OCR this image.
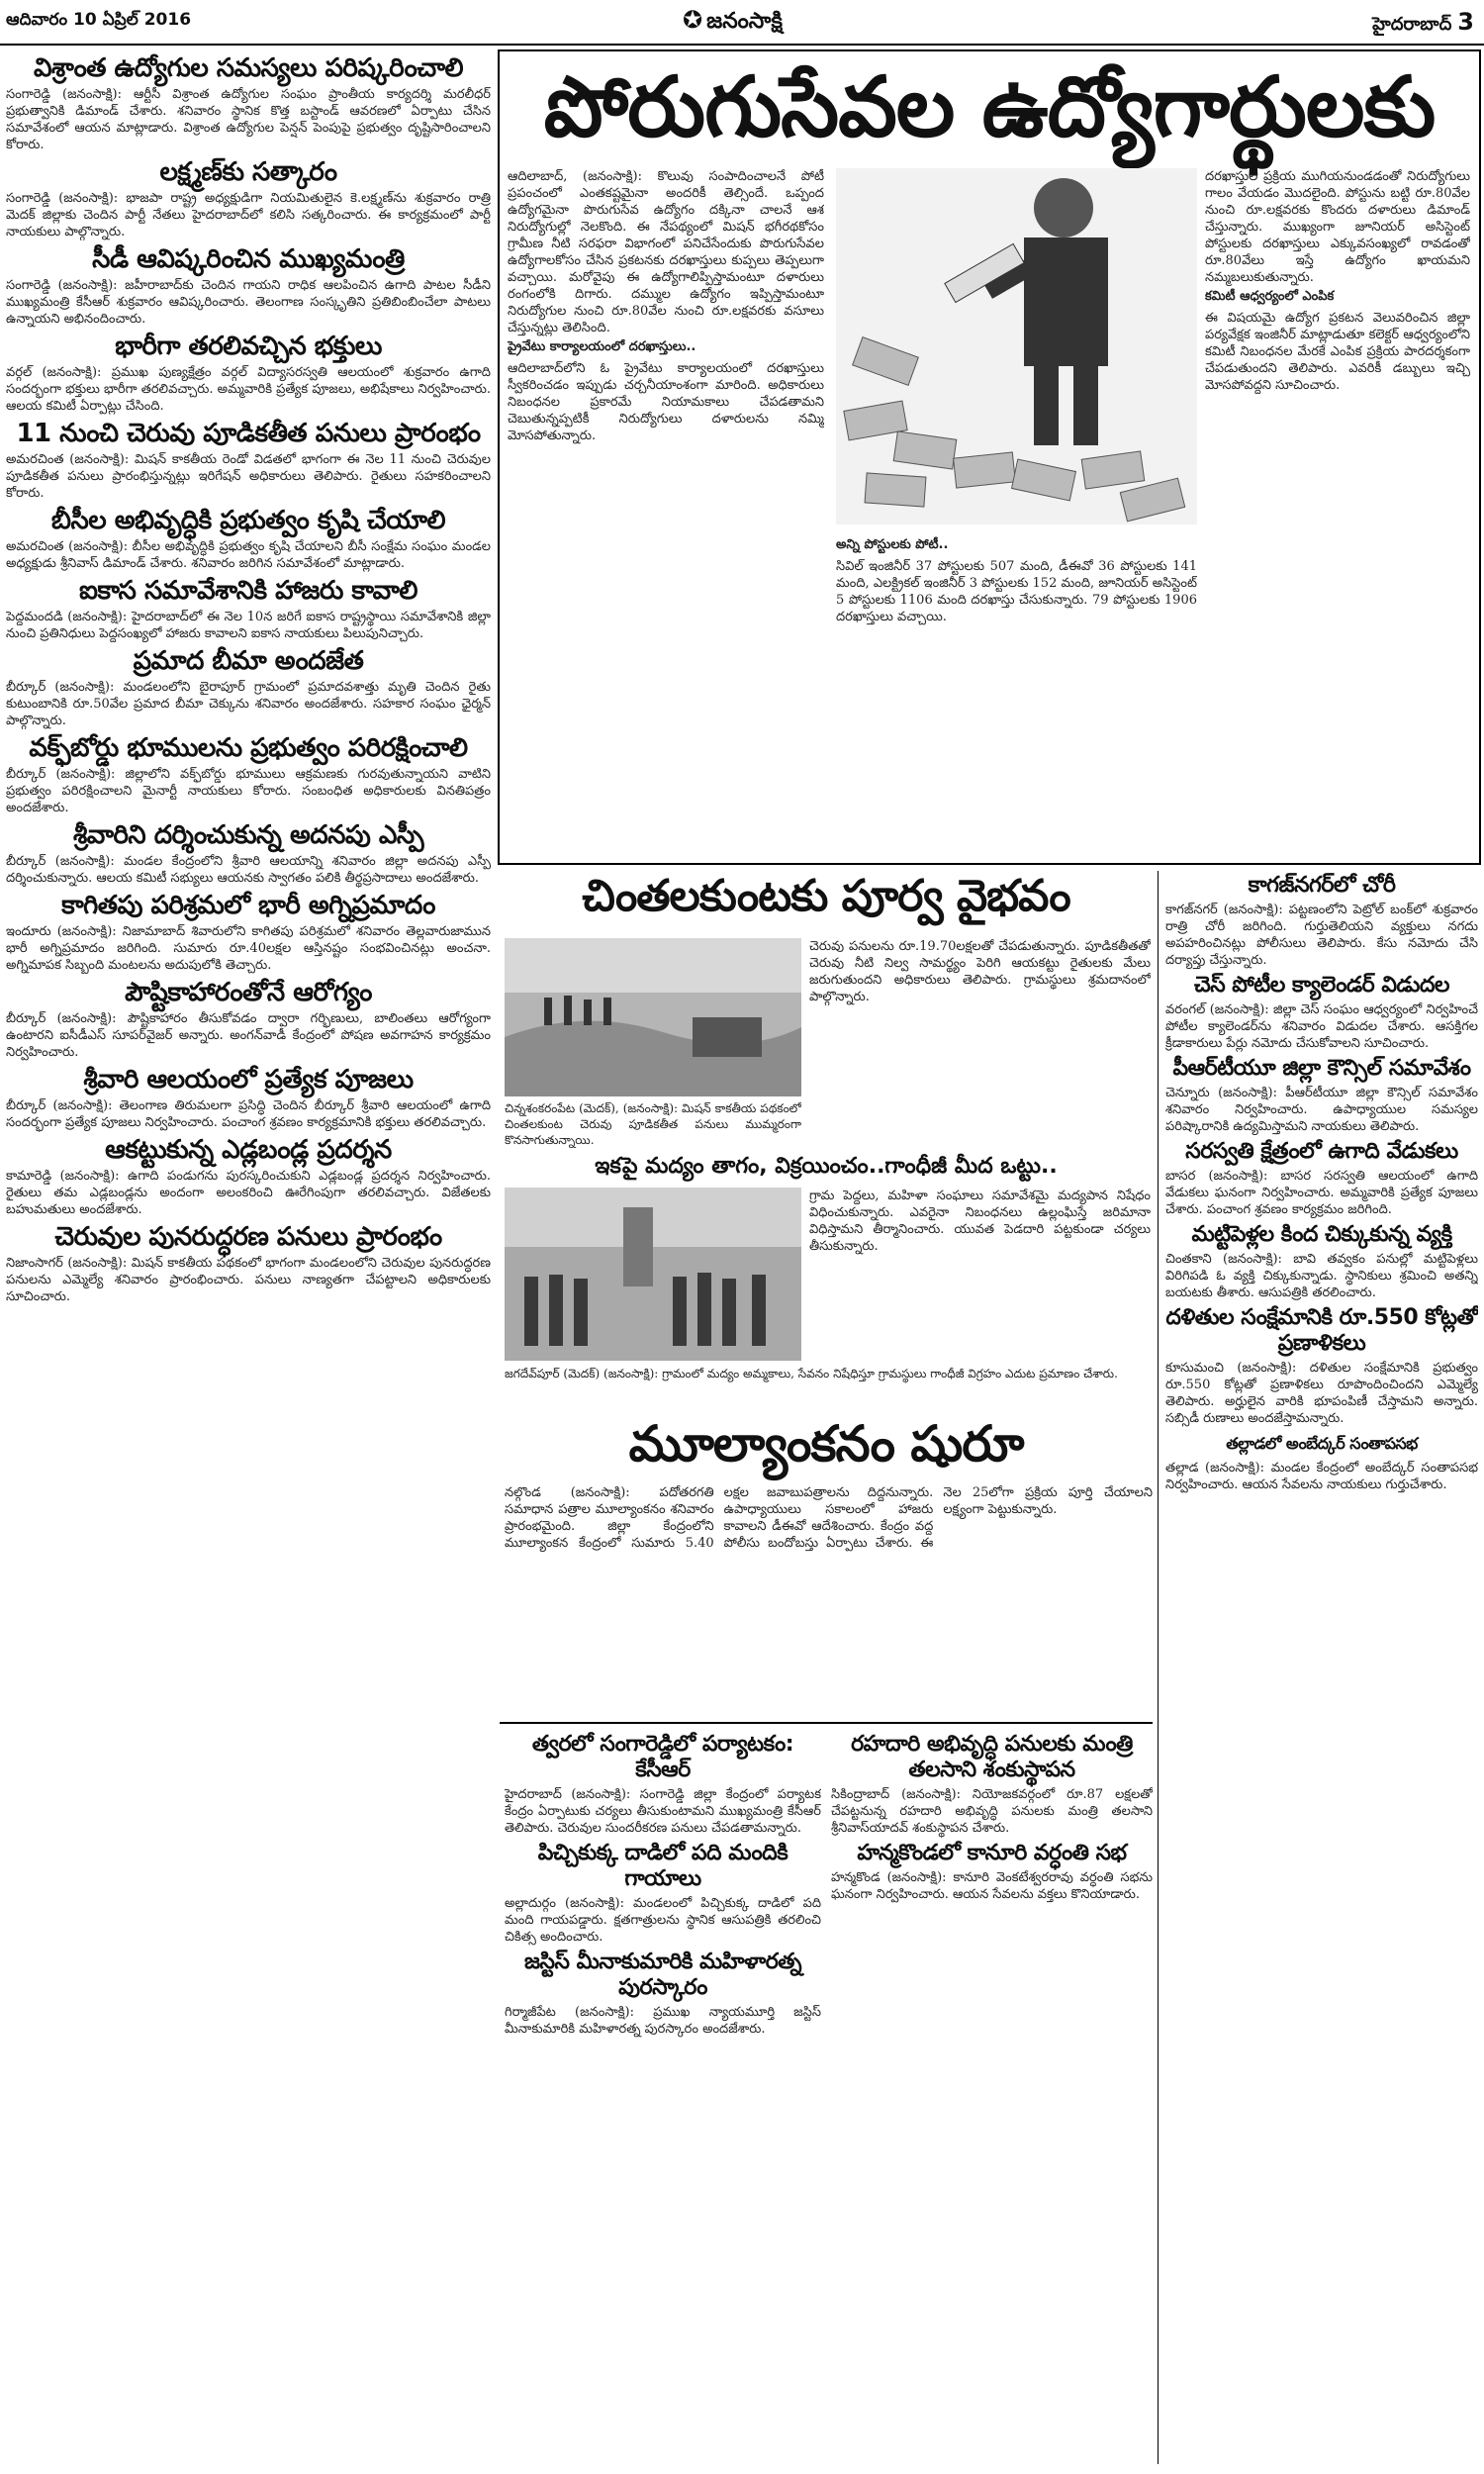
ఆదివారం 10 ఏప్రిల్ 2016	✪ జనంసాక్షి	హైదరాబాద్ 3
విశ్రాంత ఉద్యోగుల సమస్యలు పరిష్కరించాలి

సంగారెడ్డి (జనంసాక్షి): ఆర్టీసీ విశ్రాంత ఉద్యోగుల సంఘం ప్రాంతీయ కార్యదర్శి మరలీధర్‌ ప్రభుత్వానికి డిమాండ్‌ చేశారు. శనివారం స్థానిక కొత్త బస్టాండ్‌ ఆవరణలో ఏర్పాటు చేసిన సమావేశంలో ఆయన మాట్లాడారు. విశ్రాంత ఉద్యోగుల పెన్షన్‌ పెంపుపై ప్రభుత్వం దృష్టిసారించాలని కోరారు.

లక్ష్మణ్‌కు సత్కారం

సంగారెడ్డి (జనంసాక్షి): భాజపా రాష్ట్ర అధ్యక్షుడిగా నియమితులైన కె.లక్ష్మణ్‌ను శుక్రవారం రాత్రి మెదక్‌ జిల్లాకు చెందిన పార్టీ నేతలు హైదరాబాద్‌లో కలిసి సత్కరించారు. ఈ కార్యక్రమంలో పార్టీ నాయకులు పాల్గొన్నారు.

సీడీ ఆవిష్కరించిన ముఖ్యమంత్రి

సంగారెడ్డి (జనంసాక్షి): జహీరాబాద్‌కు చెందిన గాయని రాధిక ఆలపించిన ఉగాది పాటల సీడీని ముఖ్యమంత్రి కేసీఆర్‌ శుక్రవారం ఆవిష్కరించారు. తెలంగాణ సంస్కృతిని ప్రతిబింబించేలా పాటలు ఉన్నాయని అభినందించారు.

భారీగా తరలివచ్చిన భక్తులు

వర్గల్‌ (జనంసాక్షి): ప్రముఖ పుణ్యక్షేత్రం వర్గల్‌ విద్యాసరస్వతి ఆలయంలో శుక్రవారం ఉగాది సందర్భంగా భక్తులు భారీగా తరలివచ్చారు. అమ్మవారికి ప్రత్యేక పూజలు, అభిషేకాలు నిర్వహించారు. ఆలయ కమిటీ ఏర్పాట్లు చేసింది.

11 నుంచి చెరువు పూడికతీత పనులు ప్రారంభం

అమరచింత (జనంసాక్షి): మిషన్‌ కాకతీయ రెండో విడతలో భాగంగా ఈ నెల 11 నుంచి చెరువుల పూడికతీత పనులు ప్రారంభిస్తున్నట్లు ఇరిగేషన్‌ అధికారులు తెలిపారు. రైతులు సహకరించాలని కోరారు.

బీసీల అభివృద్ధికి ప్రభుత్వం కృషి చేయాలి

అమరచింత (జనంసాక్షి): బీసీల అభివృద్ధికి ప్రభుత్వం కృషి చేయాలని బీసీ సంక్షేమ సంఘం మండల అధ్యక్షుడు శ్రీనివాస్‌ డిమాండ్‌ చేశారు. శనివారం జరిగిన సమావేశంలో మాట్లాడారు.

ఐకాస సమావేశానికి హాజరు కావాలి

పెద్దమందడి (జనంసాక్షి): హైదరాబాద్‌లో ఈ నెల 10న జరిగే ఐకాస రాష్ట్రస్థాయి సమావేశానికి జిల్లా నుంచి ప్రతినిధులు పెద్దసంఖ్యలో హాజరు కావాలని ఐకాస నాయకులు పిలుపునిచ్చారు.

ప్రమాద బీమా అందజేత

బీర్కూర్‌ (జనంసాక్షి): మండలంలోని బైరాపూర్‌ గ్రామంలో ప్రమాదవశాత్తు మృతి చెందిన రైతు కుటుంబానికి రూ.50వేల ప్రమాద బీమా చెక్కును శనివారం అందజేశారు. సహకార సంఘం ఛైర్మన్‌ పాల్గొన్నారు.

వక్ఫ్‌బోర్డు భూములను ప్రభుత్వం పరిరక్షించాలి

బీర్కూర్‌ (జనంసాక్షి): జిల్లాలోని వక్ఫ్‌బోర్డు భూములు ఆక్రమణకు గురవుతున్నాయని వాటిని ప్రభుత్వం పరిరక్షించాలని మైనార్టీ నాయకులు కోరారు. సంబంధిత అధికారులకు వినతిపత్రం అందజేశారు.

శ్రీవారిని దర్శించుకున్న అదనపు ఎస్పీ

బీర్కూర్‌ (జనంసాక్షి): మండల కేంద్రంలోని శ్రీవారి ఆలయాన్ని శనివారం జిల్లా అదనపు ఎస్పీ దర్శించుకున్నారు. ఆలయ కమిటీ సభ్యులు ఆయనకు స్వాగతం పలికి తీర్థప్రసాదాలు అందజేశారు.

కాగితపు పరిశ్రమలో భారీ అగ్నిప్రమాదం

ఇందూరు (జనంసాక్షి): నిజామాబాద్‌ శివారులోని కాగితపు పరిశ్రమలో శనివారం తెల్లవారుజామున భారీ అగ్నిప్రమాదం జరిగింది. సుమారు రూ.40లక్షల ఆస్తినష్టం సంభవించినట్లు అంచనా. అగ్నిమాపక సిబ్బంది మంటలను అదుపులోకి తెచ్చారు.

పౌష్టికాహారంతోనే ఆరోగ్యం

బీర్కూర్‌ (జనంసాక్షి): పౌష్టికాహారం తీసుకోవడం ద్వారా గర్భిణులు, బాలింతలు ఆరోగ్యంగా ఉంటారని ఐసీడీఎస్‌ సూపర్‌వైజర్‌ అన్నారు. అంగన్‌వాడీ కేంద్రంలో పోషణ అవగాహన కార్యక్రమం నిర్వహించారు.

శ్రీవారి ఆలయంలో ప్రత్యేక పూజలు

బీర్కూర్‌ (జనంసాక్షి): తెలంగాణ తిరుమలగా ప్రసిద్ధి చెందిన బీర్కూర్‌ శ్రీవారి ఆలయంలో ఉగాది సందర్భంగా ప్రత్యేక పూజలు నిర్వహించారు. పంచాంగ శ్రవణం కార్యక్రమానికి భక్తులు తరలివచ్చారు.

ఆకట్టుకున్న ఎడ్లబండ్ల ప్రదర్శన

కామారెడ్డి (జనంసాక్షి): ఉగాది పండుగను పురస్కరించుకుని ఎడ్లబండ్ల ప్రదర్శన నిర్వహించారు. రైతులు తమ ఎడ్లబండ్లను అందంగా అలంకరించి ఊరేగింపుగా తరలివచ్చారు. విజేతలకు బహుమతులు అందజేశారు.

చెరువుల పునరుద్ధరణ పనులు ప్రారంభం

నిజాంసాగర్‌ (జనంసాక్షి): మిషన్‌ కాకతీయ పథకంలో భాగంగా మండలంలోని చెరువుల పునరుద్ధరణ పనులను ఎమ్మెల్యే శనివారం ప్రారంభించారు. పనులు నాణ్యతగా చేపట్టాలని అధికారులకు సూచించారు.

పోరుగుసేవల ఉద్యోగార్థులకు
ఆదిలాబాద్‌, (జనంసాక్షి): కొలువు సంపాదించాలనే పోటీ ప్రపంచంలో ఎంతకష్టమైనా అందరికీ తెల్సిందే. ఒప్పంద ఉద్యోగమైనా పొరుగుసేవ ఉద్యోగం దక్కినా చాలనే ఆశ నిరుద్యోగుల్లో నెలకొంది. ఈ నేపథ్యంలో మిషన్‌ భగీరథకోసం గ్రామీణ నీటి సరఫరా విభాగంలో పనిచేసేందుకు పొరుగుసేవల ఉద్యోగాలకోసం చేసిన ప్రకటనకు దరఖాస్తులు కుప్పలు తెప్పలుగా వచ్చాయి. మరోవైపు ఈ ఉద్యోగాలిప్పిస్తామంటూ దళారులు రంగంలోకి దిగారు. దమ్ముల ఉద్యోగం ఇప్పిస్తామంటూ నిరుద్యోగుల నుంచి రూ.80వేల నుంచి రూ.లక్షవరకు వసూలు చేస్తున్నట్లు తెలిసింది.
ప్రైవేటు కార్యాలయంలో దరఖాస్తులు..
ఆదిలాబాద్‌లోని ఓ ప్రైవేటు కార్యాలయంలో దరఖాస్తులు స్వీకరించడం ఇప్పుడు చర్చనీయాంశంగా మారింది. అధికారులు నిబంధనల ప్రకారమే నియామకాలు చేపడతామని చెబుతున్నప్పటికీ నిరుద్యోగులు దళారులను నమ్మి మోసపోతున్నారు.
దరఖాస్తుల ప్రక్రియ ముగియనుండడంతో నిరుద్యోగులు గాలం వేయడం మొదలైంది. పోస్టును బట్టి రూ.80వేల నుంచి రూ.లక్షవరకు కొందరు దళారులు డిమాండ్‌ చేస్తున్నారు. ముఖ్యంగా జూనియర్‌ అసిస్టెంట్‌ పోస్టులకు దరఖాస్తులు ఎక్కువసంఖ్యలో రావడంతో రూ.80వేలు ఇస్తే ఉద్యోగం ఖాయమని నమ్మబలుకుతున్నారు.
కమిటీ ఆధ్వర్యంలో ఎంపిక
ఈ విషయమై ఉద్యోగ ప్రకటన వెలువరించిన జిల్లా పర్యవేక్షక ఇంజినీర్‌ మాట్లాడుతూ కలెక్టర్‌ ఆధ్వర్యంలోని కమిటీ నిబంధనల మేరకే ఎంపిక ప్రక్రియ పారదర్శకంగా చేపడుతుందని తెలిపారు. ఎవరికీ డబ్బులు ఇచ్చి మోసపోవద్దని సూచించారు.
అన్ని పోస్టులకు పోటీ..
సివిల్‌ ఇంజినీర్‌ 37 పోస్టులకు 507 మంది, డీఈవో 36 పోస్టులకు 141 మంది, ఎలక్ట్రికల్‌ ఇంజినీర్‌ 3 పోస్టులకు 152 మంది, జూనియర్‌ అసిస్టెంట్‌ 5 పోస్టులకు 1106 మంది దరఖాస్తు చేసుకున్నారు. 79 పోస్టులకు 1906 దరఖాస్తులు వచ్చాయి.
చింతలకుంటకు పూర్వ వైభవం
చిన్నశంకరంపేట (మెదక్‌), (జనంసాక్షి): మిషన్‌ కాకతీయ పథకంలో చింతలకుంట చెరువు పూడికతీత పనులు ముమ్మరంగా కొనసాగుతున్నాయి.
చెరువు పనులను రూ.19.70లక్షలతో చేపడుతున్నారు. పూడికతీతతో చెరువు నీటి నిల్వ సామర్థ్యం పెరిగి ఆయకట్టు రైతులకు మేలు జరుగుతుందని అధికారులు తెలిపారు. గ్రామస్థులు శ్రమదానంలో పాల్గొన్నారు.
ఇకపై మద్యం తాగం, విక్రయించం..గాంధీజీ మీద ఒట్టు..
గ్రామ పెద్దలు, మహిళా సంఘాలు సమావేశమై మద్యపాన నిషేధం విధించుకున్నారు. ఎవరైనా నిబంధనలు ఉల్లంఘిస్తే జరిమానా విధిస్తామని తీర్మానించారు. యువత పెడదారి పట్టకుండా చర్యలు తీసుకున్నారు.
జగదేవ్‌పూర్‌ (మెదక్‌) (జనంసాక్షి): గ్రామంలో మద్యం అమ్మకాలు, సేవనం నిషేధిస్తూ గ్రామస్థులు గాంధీజీ విగ్రహం ఎదుట ప్రమాణం చేశారు.
మూల్యాంకనం షురూ
నల్గొండ (జనంసాక్షి): పదోతరగతి సమాధాన పత్రాల మూల్యాంకనం శనివారం ప్రారంభమైంది. జిల్లా కేంద్రంలోని మూల్యాంకన కేంద్రంలో సుమారు 5.40 లక్షల జవాబుపత్రాలను దిద్దనున్నారు. ఉపాధ్యాయులు సకాలంలో హాజరు కావాలని డీఈవో ఆదేశించారు. కేంద్రం వద్ద పోలీసు బందోబస్తు ఏర్పాటు చేశారు. ఈ నెల 25లోగా ప్రక్రియ పూర్తి చేయాలని లక్ష్యంగా పెట్టుకున్నారు.
త్వరలో సంగారెడ్డిలో పర్యాటకం: కేసీఆర్

హైదరాబాద్‌ (జనంసాక్షి): సంగారెడ్డి జిల్లా కేంద్రంలో పర్యాటక కేంద్రం ఏర్పాటుకు చర్యలు తీసుకుంటామని ముఖ్యమంత్రి కేసీఆర్‌ తెలిపారు. చెరువుల సుందరీకరణ పనులు చేపడతామన్నారు.

పిచ్చికుక్క దాడిలో పది మందికి గాయాలు

అల్లాదుర్గం (జనంసాక్షి): మండలంలో పిచ్చికుక్క దాడిలో పది మంది గాయపడ్డారు. క్షతగాత్రులను స్థానిక ఆసుపత్రికి తరలించి చికిత్స అందించారు.

జస్టిస్‌ మీనాకుమారికి మహిళారత్న పురస్కారం

గిర్మాజీపేట (జనంసాక్షి): ప్రముఖ న్యాయమూర్తి జస్టిస్‌ మీనాకుమారికి మహిళారత్న పురస్కారం అందజేశారు.

రహదారి అభివృద్ధి పనులకు మంత్రి తలసాని శంకుస్థాపన

సికింద్రాబాద్‌ (జనంసాక్షి): నియోజకవర్గంలో రూ.87 లక్షలతో చేపట్టనున్న రహదారి అభివృద్ధి పనులకు మంత్రి తలసాని శ్రీనివాస్‌యాదవ్‌ శంకుస్థాపన చేశారు.

హన్మకొండలో కానూరి వర్ధంతి సభ

హన్మకొండ (జనంసాక్షి): కానూరి వెంకటేశ్వరరావు వర్ధంతి సభను ఘనంగా నిర్వహించారు. ఆయన సేవలను వక్తలు కొనియాడారు.

కాగజ్‌నగర్‌లో చోరీ

కాగజ్‌నగర్‌ (జనంసాక్షి): పట్టణంలోని పెట్రోల్‌ బంక్‌లో శుక్రవారం రాత్రి చోరీ జరిగింది. గుర్తుతెలియని వ్యక్తులు నగదు అపహరించినట్లు పోలీసులు తెలిపారు. కేసు నమోదు చేసి దర్యాప్తు చేస్తున్నారు.

చెస్‌ పోటీల క్యాలెండర్‌ విడుదల

వరంగల్‌ (జనంసాక్షి): జిల్లా చెస్‌ సంఘం ఆధ్వర్యంలో నిర్వహించే పోటీల క్యాలెండర్‌ను శనివారం విడుదల చేశారు. ఆసక్తిగల క్రీడాకారులు పేర్లు నమోదు చేసుకోవాలని సూచించారు.

పీఆర్‌టీయూ జిల్లా కౌన్సిల్‌ సమావేశం

చెన్నూరు (జనంసాక్షి): పీఆర్‌టీయూ జిల్లా కౌన్సిల్‌ సమావేశం శనివారం నిర్వహించారు. ఉపాధ్యాయుల సమస్యల పరిష్కారానికి ఉద్యమిస్తామని నాయకులు తెలిపారు.

సరస్వతి క్షేత్రంలో ఉగాది వేడుకలు

బాసర (జనంసాక్షి): బాసర సరస్వతి ఆలయంలో ఉగాది వేడుకలు ఘనంగా నిర్వహించారు. అమ్మవారికి ప్రత్యేక పూజలు చేశారు. పంచాంగ శ్రవణం కార్యక్రమం జరిగింది.

మట్టిపెళ్లల కింద చిక్కుకున్న వ్యక్తి

చింతకాని (జనంసాక్షి): బావి తవ్వకం పనుల్లో మట్టిపెళ్లలు విరిగిపడి ఓ వ్యక్తి చిక్కుకున్నాడు. స్థానికులు శ్రమించి అతన్ని బయటకు తీశారు. ఆసుపత్రికి తరలించారు.

దళితుల సంక్షేమానికి రూ.550 కోట్లతో ప్రణాళికలు

కూసుమంచి (జనంసాక్షి): దళితుల సంక్షేమానికి ప్రభుత్వం రూ.550 కోట్లతో ప్రణాళికలు రూపొందించిందని ఎమ్మెల్యే తెలిపారు. అర్హులైన వారికి భూపంపిణీ చేస్తామని అన్నారు. సబ్సిడీ రుణాలు అందజేస్తామన్నారు.

తల్లాడలో అంబేద్కర్‌ సంతాపసభ

తల్లాడ (జనంసాక్షి): మండల కేంద్రంలో అంబేద్కర్‌ సంతాపసభ నిర్వహించారు. ఆయన సేవలను నాయకులు గుర్తుచేశారు.
